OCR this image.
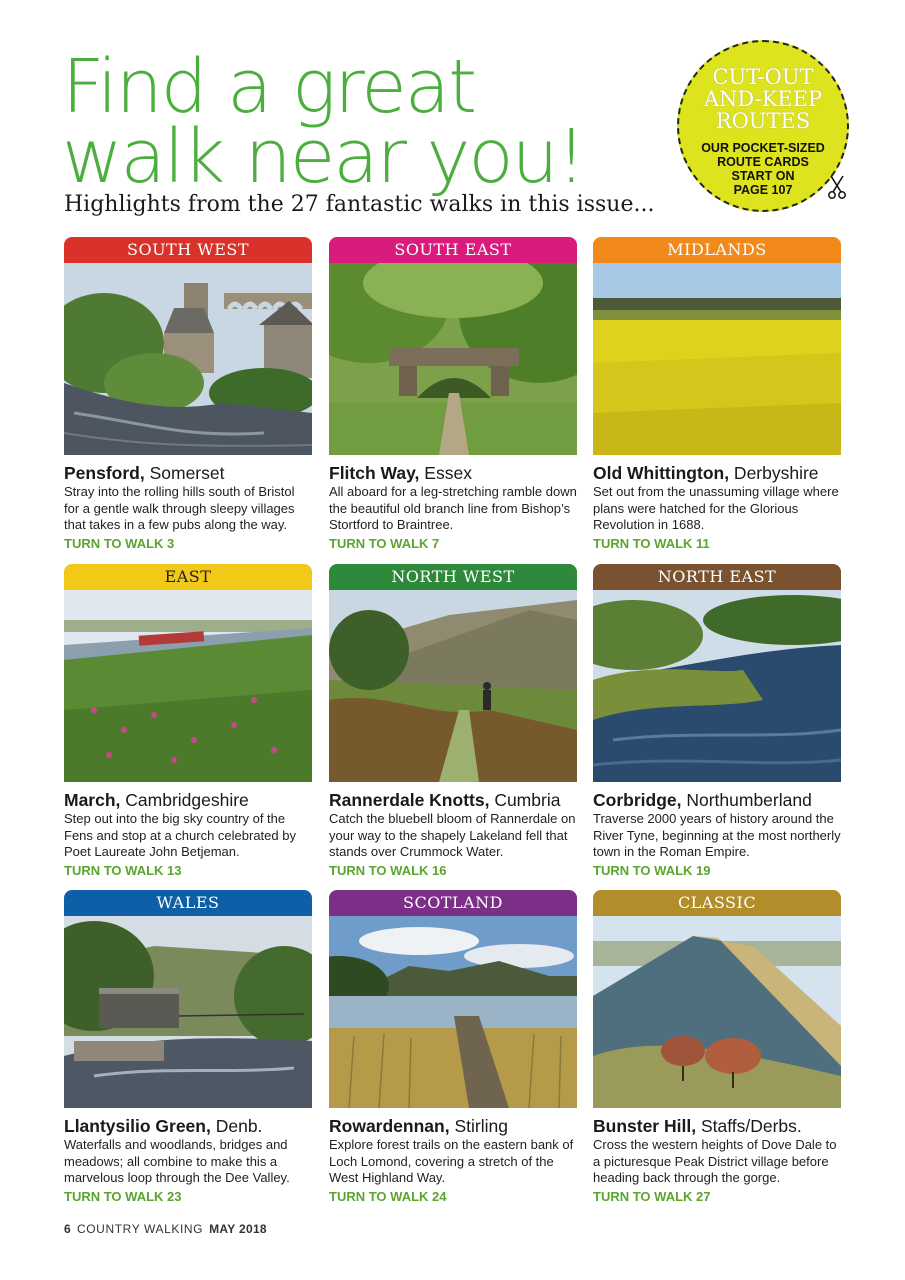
Find a great
walk near you!

Highlights from the 27 fantastic walks in this issue...

CUT-OUT
AND-KEEP
ROUTES
OUR POCKET-SIZED
ROUTE CARDS
START ON
PAGE 107
SOUTH WEST
Pensford, Somerset
Stray into the rolling hills south of Bristol for a gentle walk through sleepy villages that takes in a few pubs along the way.
TURN TO WALK 3
SOUTH EAST
Flitch Way, Essex
All aboard for a leg-stretching ramble down the beautiful old branch line from Bishop’s Stortford to Braintree.
TURN TO WALK 7
MIDLANDS
Old Whittington, Derbyshire
Set out from the unassuming village where plans were hatched for the Glorious Revolution in 1688.
TURN TO WALK 11
EAST
March, Cambridgeshire
Step out into the big sky country of the Fens and stop at a church celebrated by Poet Laureate John Betjeman.
TURN TO WALK 13
NORTH WEST
Rannerdale Knotts, Cumbria
Catch the bluebell bloom of Rannerdale on your way to the shapely Lakeland fell that stands over Crummock Water.
TURN TO WALK 16
NORTH EAST
Corbridge, Northumberland
Traverse 2000 years of history around the River Tyne, beginning at the most northerly town in the Roman Empire.
TURN TO WALK 19
WALES
Llantysilio Green, Denb.
Waterfalls and woodlands, bridges and meadows; all combine to make this a marvelous loop through the Dee Valley.
TURN TO WALK 23
SCOTLAND
Rowardennan, Stirling
Explore forest trails on the eastern bank of Loch Lomond, covering a stretch of the West Highland Way.
TURN TO WALK 24
CLASSIC
Bunster Hill, Staffs/Derbs.
Cross the western heights of Dove Dale to a picturesque Peak District village before heading back through the gorge.
TURN TO WALK 27
6 COUNTRY WALKING MAY 2018
